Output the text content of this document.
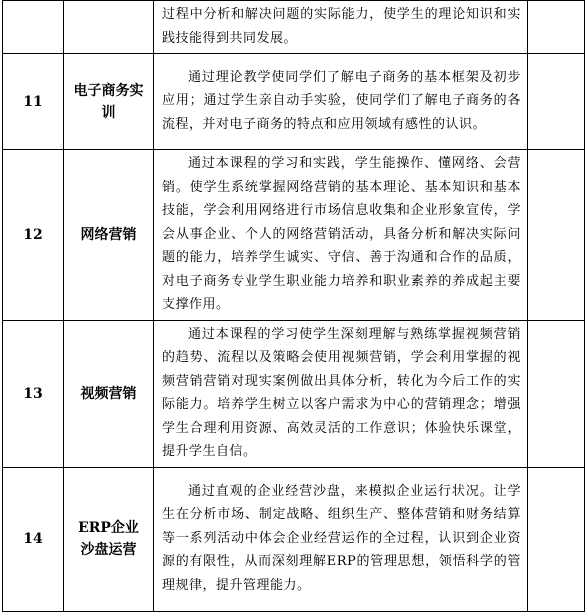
		过程中分析和解决问题的实际能力，使学生的理论知识和实践技能得到共同发展。	
11	电子商务实训	通过理论教学使同学们了解电子商务的基本框架及初步应用；通过学生亲自动手实验，使同学们了解电子商务的各流程，并对电子商务的特点和应用领域有感性的认识。	
12	网络营销	通过本课程的学习和实践，学生能操作、懂网络、会营销。使学生系统掌握网络营销的基本理论、基本知识和基本技能，学会利用网络进行市场信息收集和企业形象宣传，学会从事企业、个人的网络营销活动，具备分析和解决实际问题的能力，培养学生诚实、守信、善于沟通和合作的品质，对电子商务专业学生职业能力培养和职业素养的养成起主要支撑作用。	
13	视频营销	通过本课程的学习使学生深刻理解与熟练掌握视频营销的趋势、流程以及策略会使用视频营销，学会利用掌握的视频营销营销对现实案例做出具体分析，转化为今后工作的实际能力。培养学生树立以客户需求为中心的营销理念；增强学生合理利用资源、高效灵活的工作意识；体验快乐课堂，提升学生自信。	
14	ERP企业沙盘运营	通过直观的企业经营沙盘，来模拟企业运行状况。让学生在分析市场、制定战略、组织生产、整体营销和财务结算等一系列活动中体会企业经营运作的全过程，认识到企业资源的有限性，从而深刻理解ERP的管理思想，领悟科学的管理规律，提升管理能力。	
